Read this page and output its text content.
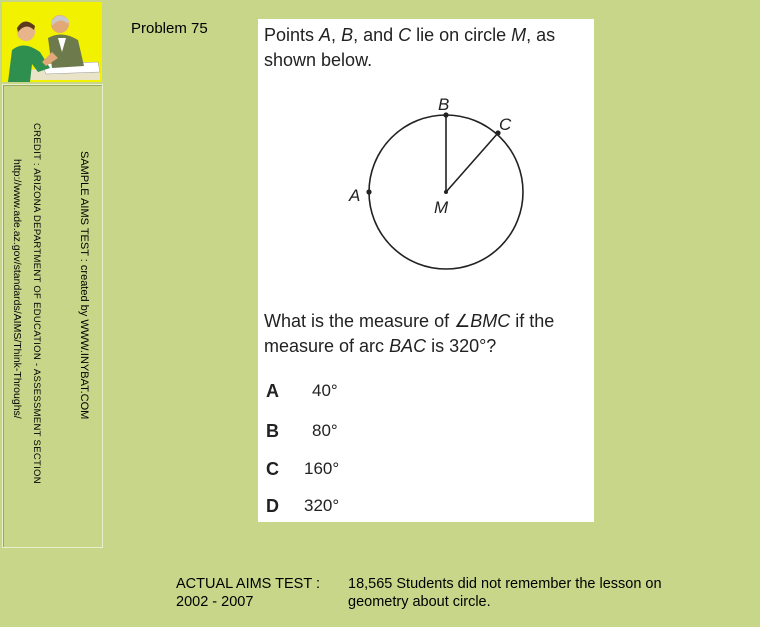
CREDIT : ARIZONA DEPARTMENT OF EDUCATION - ASSESSMENT SECTION
http://www.ade.az.gov/standards/AIMS/Think-Throughs/	SAMPLE AIMS TEST : created by WWW.INYBAT.COM
Problem 75	Points A, B, and C lie on circle M, as shown below.
B
C
A
M
What is the measure of ∠BMC if the measure of arc BAC is 320°?
A 40°
B 80°
C 160°
D 320°
ACTUAL AIMS TEST :
2002 - 2007
18,565 Students did not remember the lesson on
geometry about circle.
